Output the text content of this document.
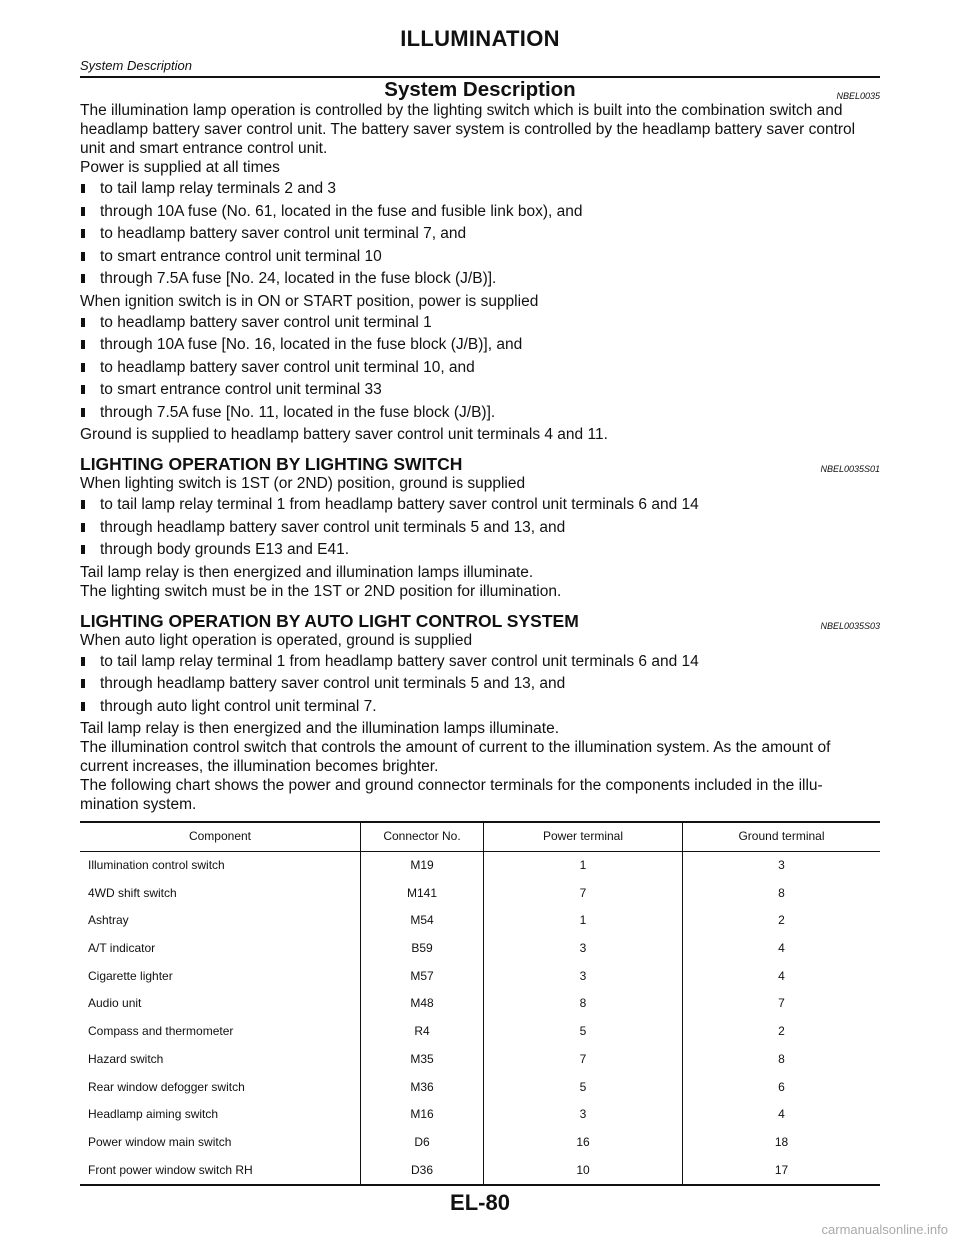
ILLUMINATION
System Description
System Description	NBEL0035

The illumination lamp operation is controlled by the lighting switch which is built into the combination switch and headlamp battery saver control unit. The battery saver system is controlled by the headlamp battery saver control unit and smart entrance control unit.

Power is supplied at all times

to tail lamp relay terminals 2 and 3
through 10A fuse (No. 61, located in the fuse and fusible link box), and
to headlamp battery saver control unit terminal 7, and
to smart entrance control unit terminal 10
through 7.5A fuse [No. 24, located in the fuse block (J/B)].

When ignition switch is in ON or START position, power is supplied

to headlamp battery saver control unit terminal 1
through 10A fuse [No. 16, located in the fuse block (J/B)], and
to headlamp battery saver control unit terminal 10, and
to smart entrance control unit terminal 33
through 7.5A fuse [No. 11, located in the fuse block (J/B)].

Ground is supplied to headlamp battery saver control unit terminals 4 and 11.

LIGHTING OPERATION BY LIGHTING SWITCH	NBEL0035S01

When lighting switch is 1ST (or 2ND) position, ground is supplied

to tail lamp relay terminal 1 from headlamp battery saver control unit terminals 6 and 14
through headlamp battery saver control unit terminals 5 and 13, and
through body grounds E13 and E41.

Tail lamp relay is then energized and illumination lamps illuminate.

The lighting switch must be in the 1ST or 2ND position for illumination.

LIGHTING OPERATION BY AUTO LIGHT CONTROL SYSTEM	NBEL0035S03

When auto light operation is operated, ground is supplied

to tail lamp relay terminal 1 from headlamp battery saver control unit terminals 6 and 14
through headlamp battery saver control unit terminals 5 and 13, and
through auto light control unit terminal 7.

Tail lamp relay is then energized and the illumination lamps illuminate.

The illumination control switch that controls the amount of current to the illumination system. As the amount of current increases, the illumination becomes brighter.

The following chart shows the power and ground connector terminals for the components included in the illu- mination system.

Component	Connector No.	Power terminal	Ground terminal
Illumination control switch	M19	1	3
4WD shift switch	M141	7	8
Ashtray	M54	1	2
A/T indicator	B59	3	4
Cigarette lighter	M57	3	4
Audio unit	M48	8	7
Compass and thermometer	R4	5	2
Hazard switch	M35	7	8
Rear window defogger switch	M36	5	6
Headlamp aiming switch	M16	3	4
Power window main switch	D6	16	18
Front power window switch RH	D36	10	17
EL-80
carmanualsonline.info
